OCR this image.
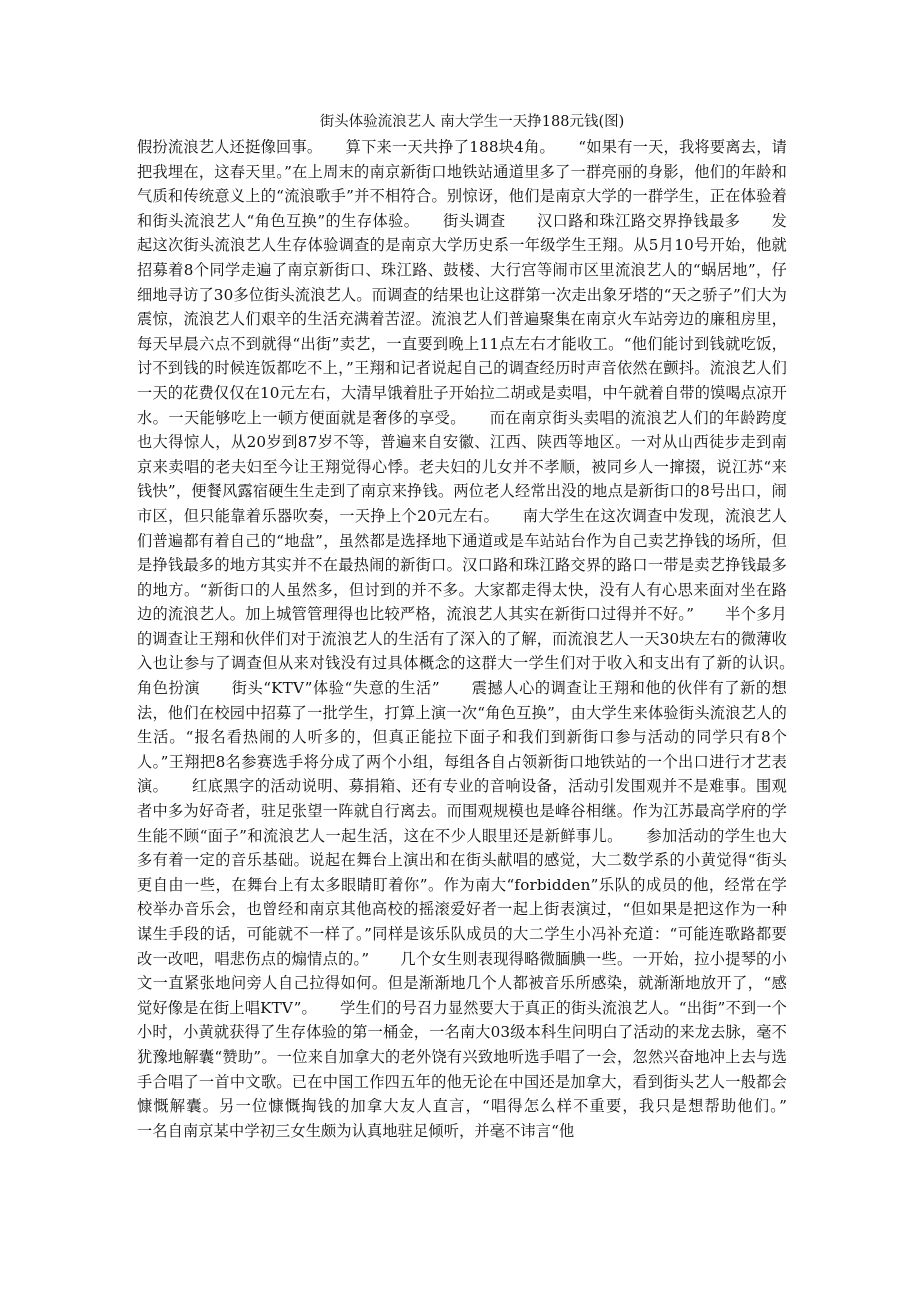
街头体验流浪艺人 南大学生一天挣188元钱(图)

假扮流浪艺人还挺像回事。　　算下来一天共挣了188块4角。　　“如果有一天，我将要离去，请把我埋在，这春天里。”在上周末的南京新街口地铁站通道里多了一群亮丽的身影，他们的年龄和气质和传统意义上的“流浪歌手”并不相符合。别惊讶，他们是南京大学的一群学生，正在体验着和街头流浪艺人“角色互换”的生存体验。　　街头调查　　汉口路和珠江路交界挣钱最多　　发起这次街头流浪艺人生存体验调查的是南京大学历史系一年级学生王翔。从5月10号开始，他就招募着8个同学走遍了南京新街口、珠江路、鼓楼、大行宫等闹市区里流浪艺人的“蜗居地”，仔细地寻访了30多位街头流浪艺人。而调查的结果也让这群第一次走出象牙塔的“天之骄子”们大为震惊，流浪艺人们艰辛的生活充满着苦涩。流浪艺人们普遍聚集在南京火车站旁边的廉租房里，每天早晨六点不到就得“出街”卖艺，一直要到晚上11点左右才能收工。“他们能讨到钱就吃饭，讨不到钱的时候连饭都吃不上，”王翔和记者说起自己的调查经历时声音依然在颤抖。流浪艺人们一天的花费仅仅在10元左右，大清早饿着肚子开始拉二胡或是卖唱，中午就着自带的馍喝点凉开水。一天能够吃上一顿方便面就是奢侈的享受。　　而在南京街头卖唱的流浪艺人们的年龄跨度也大得惊人，从20岁到87岁不等，普遍来自安徽、江西、陕西等地区。一对从山西徒步走到南京来卖唱的老夫妇至今让王翔觉得心悸。老夫妇的儿女并不孝顺，被同乡人一撺掇，说江苏“来钱快”，便餐风露宿硬生生走到了南京来挣钱。两位老人经常出没的地点是新街口的8号出口，闹市区，但只能靠着乐器吹奏，一天挣上个20元左右。　　南大学生在这次调查中发现，流浪艺人们普遍都有着自己的“地盘”，虽然都是选择地下通道或是车站站台作为自己卖艺挣钱的场所，但是挣钱最多的地方其实并不在最热闹的新街口。汉口路和珠江路交界的路口一带是卖艺挣钱最多的地方。“新街口的人虽然多，但讨到的并不多。大家都走得太快，没有人有心思来面对坐在路边的流浪艺人。加上城管管理得也比较严格，流浪艺人其实在新街口过得并不好。”　　半个多月的调查让王翔和伙伴们对于流浪艺人的生活有了深入的了解，而流浪艺人一天30块左右的微薄收入也让参与了调查但从来对钱没有过具体概念的这群大一学生们对于收入和支出有了新的认识。　　角色扮演　　街头“KTV”体验“失意的生活”　　震撼人心的调查让王翔和他的伙伴有了新的想法，他们在校园中招募了一批学生，打算上演一次“角色互换”，由大学生来体验街头流浪艺人的生活。“报名看热闹的人听多的，但真正能拉下面子和我们到新街口参与活动的同学只有8个人。”王翔把8名参赛选手将分成了两个小组，每组各自占领新街口地铁站的一个出口进行才艺表演。　　红底黑字的活动说明、募捐箱、还有专业的音响设备，活动引发围观并不是难事。围观者中多为好奇者，驻足张望一阵就自行离去。而围观规模也是峰谷相继。作为江苏最高学府的学生能不顾“面子”和流浪艺人一起生活，这在不少人眼里还是新鲜事儿。　　参加活动的学生也大多有着一定的音乐基础。说起在舞台上演出和在街头献唱的感觉，大二数学系的小黄觉得“街头更自由一些，在舞台上有太多眼睛盯着你”。作为南大“forbidden”乐队的成员的他，经常在学校举办音乐会，也曾经和南京其他高校的摇滚爱好者一起上街表演过，“但如果是把这作为一种谋生手段的话，可能就不一样了。”同样是该乐队成员的大二学生小冯补充道：“可能连歌路都要改一改吧，唱悲伤点的煽情点的。”　　几个女生则表现得略微腼腆一些。一开始，拉小提琴的小文一直紧张地问旁人自己拉得如何。但是渐渐地几个人都被音乐所感染，就渐渐地放开了，“感觉好像是在街上唱KTV”。　　学生们的号召力显然要大于真正的街头流浪艺人。“出街”不到一个小时，小黄就获得了生存体验的第一桶金，一名南大03级本科生问明白了活动的来龙去脉，毫不犹豫地解囊“赞助”。一位来自加拿大的老外饶有兴致地听选手唱了一会，忽然兴奋地冲上去与选手合唱了一首中文歌。已在中国工作四五年的他无论在中国还是加拿大，看到街头艺人一般都会慷慨解囊。另一位慷慨掏钱的加拿大友人直言，“唱得怎么样不重要，我只是想帮助他们。”　　一名自南京某中学初三女生颇为认真地驻足倾听，并毫不讳言“他
